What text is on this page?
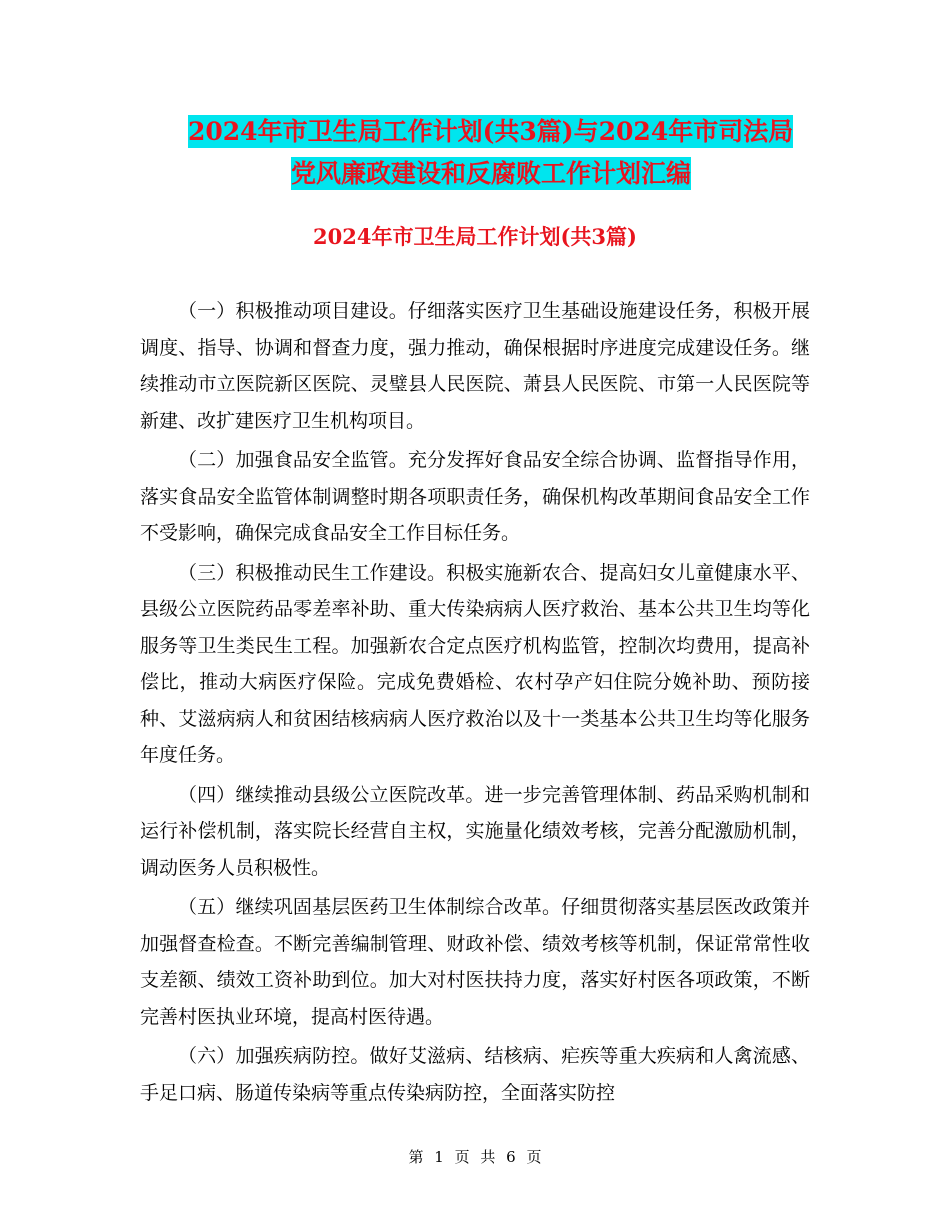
2024年市卫生局工作计划(共3篇)与2024年市司法局
党风廉政建设和反腐败工作计划汇编
2024年市卫生局工作计划(共3篇)

（一）积极推动项目建设。仔细落实医疗卫生基础设施建设任务，积极开展调度、指导、协调和督查力度，强力推动，确保根据时序进度完成建设任务。继续推动市立医院新区医院、灵璧县人民医院、萧县人民医院、市第一人民医院等新建、改扩建医疗卫生机构项目。

（二）加强食品安全监管。充分发挥好食品安全综合协调、监督指导作用，落实食品安全监管体制调整时期各项职责任务，确保机构改革期间食品安全工作不受影响，确保完成食品安全工作目标任务。

（三）积极推动民生工作建设。积极实施新农合、提高妇女儿童健康水平、县级公立医院药品零差率补助、重大传染病病人医疗救治、基本公共卫生均等化服务等卫生类民生工程。加强新农合定点医疗机构监管，控制次均费用，提高补偿比，推动大病医疗保险。完成免费婚检、农村孕产妇住院分娩补助、预防接种、艾滋病病人和贫困结核病病人医疗救治以及十一类基本公共卫生均等化服务年度任务。

（四）继续推动县级公立医院改革。进一步完善管理体制、药品采购机制和运行补偿机制，落实院长经营自主权，实施量化绩效考核，完善分配激励机制，调动医务人员积极性。

（五）继续巩固基层医药卫生体制综合改革。仔细贯彻落实基层医改政策并加强督查检查。不断完善编制管理、财政补偿、绩效考核等机制，保证常常性收支差额、绩效工资补助到位。加大对村医扶持力度，落实好村医各项政策，不断完善村医执业环境，提高村医待遇。

（六）加强疾病防控。做好艾滋病、结核病、疟疾等重大疾病和人禽流感、手足口病、肠道传染病等重点传染病防控，全面落实防控

第 1 页 共 6 页
